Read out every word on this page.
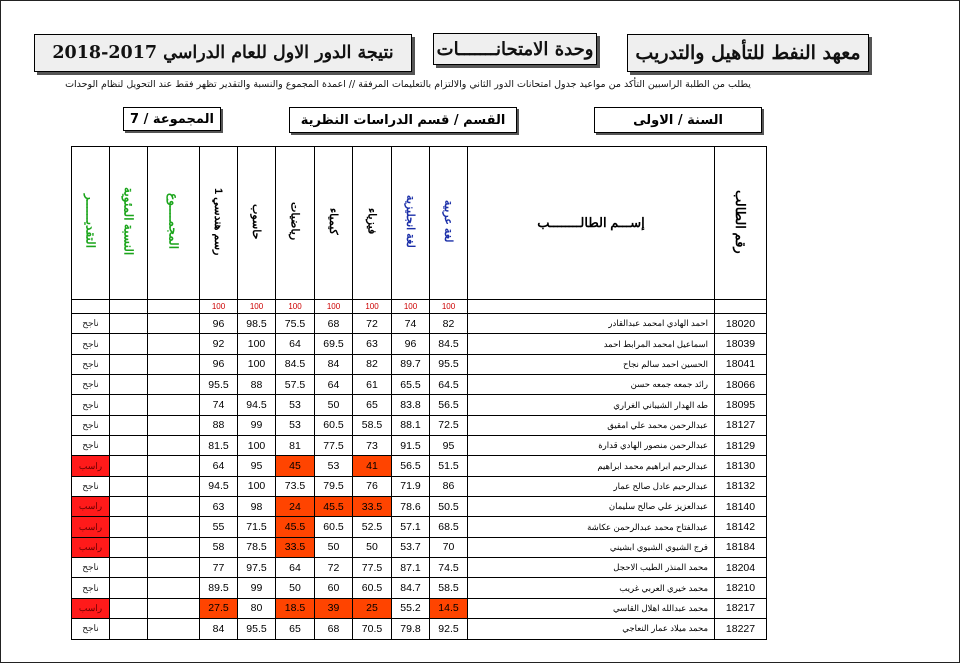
معهد النفط للتأهيل والتدريب
وحدة الامتحانـــــــات
نتيجة الدور الاول للعام الدراسي 2017-2018
يطلب من الطلبة الراسبين التأكد من مواعيد جدول امتحانات الدور الثاني والالتزام بالتعليمات المرفقة // اعمدة المجموع والنسبة والتقدير تظهر فقط عند التحويل لنظام الوحدات
السنة / الاولى
القسم / قسم الدراسات النظرية
المجموعة / 7
التقديــــــر	النسبة المئوية	المجمــــوع	رسم هندسي 1	حاسوب	رياضيات	كيمياء	فيزياء	لغة انجليزية	لغة عربية	إســـم الطالــــــــب	رقم الطالب
			100	100	100	100	100	100	100		
ناجح			96	98.5	75.5	68	72	74	82	احمد الهادي امحمد عبدالقادر	18020
ناجح			92	100	64	69.5	63	96	84.5	اسماعيل امحمد المرابط احمد	18039
ناجح			96	100	84.5	84	82	89.7	95.5	الحسين احمد سالم نجاح	18041
ناجح			95.5	88	57.5	64	61	65.5	64.5	رائد جمعه جمعه حسن	18066
ناجح			74	94.5	53	50	65	83.8	56.5	طه الهدار الشيباني الغراري	18095
ناجح			88	99	53	60.5	58.5	88.1	72.5	عبدالرحمن محمد علي امقيق	18127
ناجح			81.5	100	81	77.5	73	91.5	95	عبدالرحمن منصور الهادي قدارة	18129
راسب			64	95	45	53	41	56.5	51.5	عبدالرحيم ابراهيم محمد ابراهيم	18130
ناجح			94.5	100	73.5	79.5	76	71.9	86	عبدالرحيم عادل صالح عمار	18132
راسب			63	98	24	45.5	33.5	78.6	50.5	عبدالعزيز علي صالح سليمان	18140
راسب			55	71.5	45.5	60.5	52.5	57.1	68.5	عبدالفتاح محمد عبدالرحمن عكاشة	18142
راسب			58	78.5	33.5	50	50	53.7	70	فرج الشيوي الشيوي ابشيني	18184
ناجح			77	97.5	64	72	77.5	87.1	74.5	محمد المنذر الطيب الاحجل	18204
ناجح			89.5	99	50	60	60.5	84.7	58.5	محمد خيري العربي غريب	18210
راسب			27.5	80	18.5	39	25	55.2	14.5	محمد عبدالله اهلال القاسي	18217
ناجح			84	95.5	65	68	70.5	79.8	92.5	محمد ميلاد عمار النعاجي	18227
